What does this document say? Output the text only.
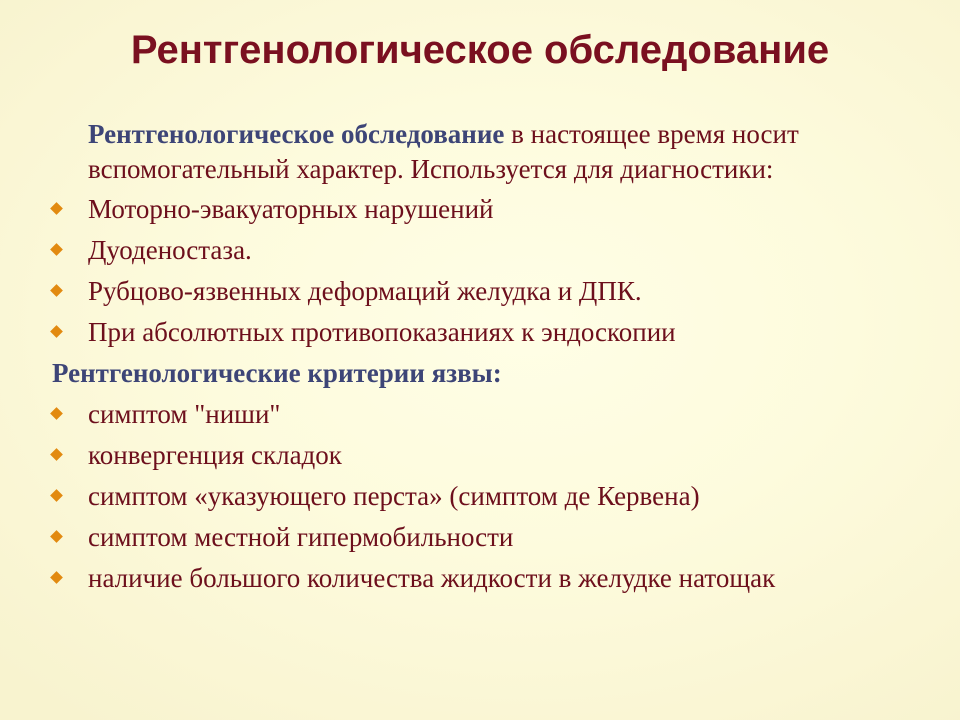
Рентгенологическое обследование

Рентгенологическое обследование в настоящее время носит вспомогательный характер. Используется для диагностики:

Моторно-эвакуаторных нарушений
Дуоденостаза.
Рубцово-язвенных деформаций желудка и ДПК.
При абсолютных противопоказаниях к эндоскопии

Рентгенологические критерии язвы:

симптом "ниши"
конвергенция складок
симптом «указующего перста» (симптом де Кервена)
симптом местной гипермобильности
наличие большого количества жидкости в желудке натощак
